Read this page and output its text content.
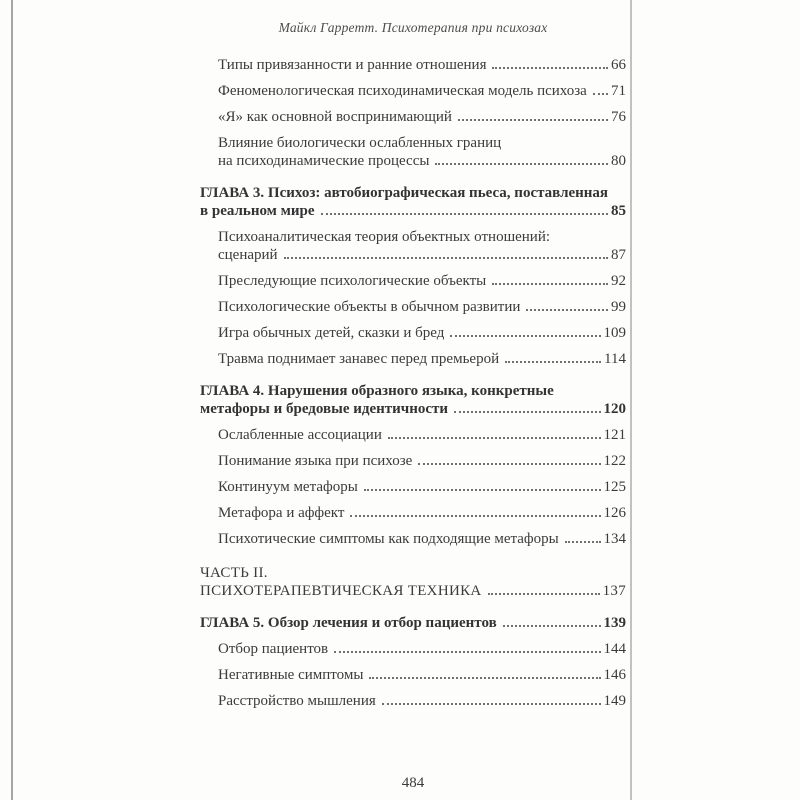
Майкл Гарретт. Психотерапия при психозах
Типы привязанности и ранние отношения	66
Феноменологическая психодинамическая модель психоза 71
«Я» как основной воспринимающий	76
Влияние биологически ослабленных границ
на психодинамические процессы	80
ГЛАВА 3. Психоз: автобиографическая пьеса, поставленная
в реальном мире	85
Психоаналитическая теория объектных отношений:
сценарий	87
Преследующие психологические объекты	92
Психологические объекты в обычном развитии	99
Игра обычных детей, сказки и бред	109
Травма поднимает занавес перед премьерой	114
ГЛАВА 4. Нарушения образного языка, конкретные
метафоры и бредовые идентичности	120
Ослабленные ассоциации	121
Понимание языка при психозе	122
Континуум метафоры	125
Метафора и аффект	126
Психотические симптомы как подходящие метафоры	134
ЧАСТЬ II.
ПСИХОТЕРАПЕВТИЧЕСКАЯ ТЕХНИКА	137
ГЛАВА 5. Обзор лечения и отбор пациентов	139
Отбор пациентов	144
Негативные симптомы	146
Расстройство мышления	149
484
